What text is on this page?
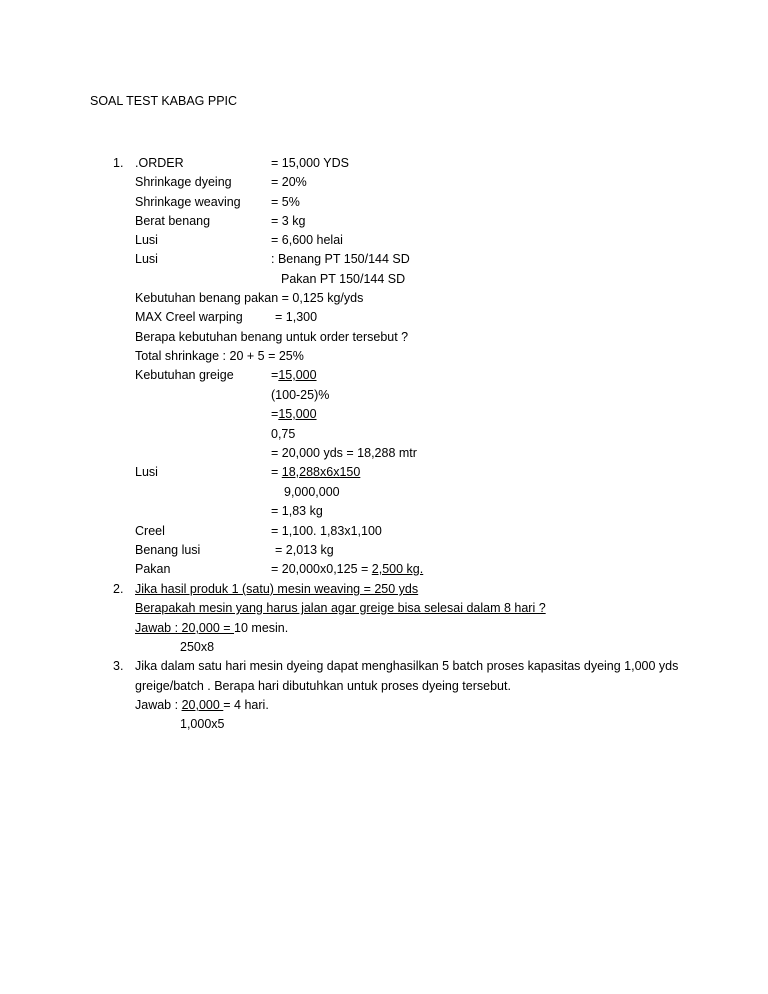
SOAL TEST KABAG PPIC
1. .ORDER	= 15,000 YDS
Shrinkage dyeing	= 20%
Shrinkage weaving = 5%
Berat benang	= 3 kg
Lusi	= 6,600 helai
Lusi	: Benang PT 150/144 SD
Pakan PT 150/144 SD
Kebutuhan benang pakan = 0,125 kg/yds
MAX Creel warping	= 1,300
Berapa kebutuhan benang untuk order tersebut ?
Total shrinkage : 20 + 5 = 25%
Kebutuhan greige	=15,000
(100-25)%
=15,000
0,75
= 20,000 yds = 18,288 mtr
Lusi	= 18,288x6x150
9,000,000
= 1,83 kg
Creel	= 1,100. 1,83x1,100
Benang lusi	= 2,013 kg
Pakan	= 20,000x0,125 = 2,500 kg.
2. Jika hasil produk 1 (satu) mesin weaving = 250 yds
Berapakah mesin yang harus jalan agar greige bisa selesai dalam 8 hari ?
Jawab : 20,000 = 10 mesin.
250x8
3. Jika dalam satu hari mesin dyeing dapat menghasilkan 5 batch proses kapasitas dyeing 1,000 yds
greige/batch . Berapa hari dibutuhkan untuk proses dyeing tersebut.
Jawab : 20,000 = 4 hari.
1,000x5
